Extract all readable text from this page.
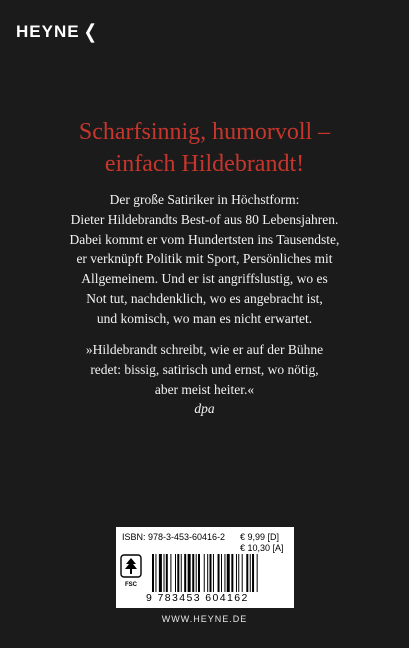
HEYNE ❮
Scharfsinnig, humorvoll –
einfach Hildebrandt!
Der große Satiriker in Höchstform:
Dieter Hildebrandts Best-of aus 80 Lebensjahren.
Dabei kommt er vom Hundertsten ins Tausendste,
er verknüpft Politik mit Sport, Persönliches mit
Allgemeinem. Und er ist angriffslustig, wo es
Not tut, nachdenklich, wo es angebracht ist,
und komisch, wo man es nicht erwartet.
»Hildebrandt schreibt, wie er auf der Bühne
redet: bissig, satirisch und ernst, wo nötig,
aber meist heiter.«
dpa
ISBN: 978-3-453-60416-2 € 9,99 [D]
€ 10,30 [A]
FSC
9 783453 604162
WWW.HEYNE.DE
